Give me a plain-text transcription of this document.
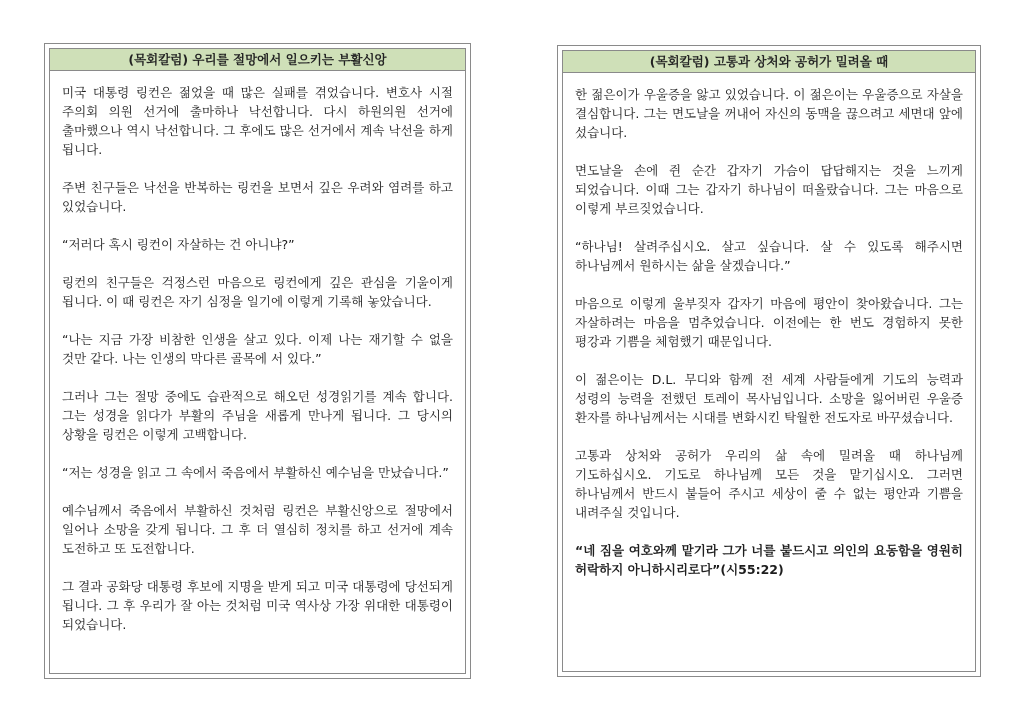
(목회칼럼) 우리를 절망에서 일으키는 부활신앙

미국 대통령 링컨은 젊었을 때 많은 실패를 겪었습니다. 변호사 시절 주의회 의원 선거에 출마하나 낙선합니다. 다시 하원의원 선거에 출마했으나 역시 낙선합니다. 그 후에도 많은 선거에서 계속 낙선을 하게 됩니다.

주변 친구들은 낙선을 반복하는 링컨을 보면서 깊은 우려와 염려를 하고 있었습니다.

“저러다 혹시 링컨이 자살하는 건 아니냐?”

링컨의 친구들은 걱정스런 마음으로 링컨에게 깊은 관심을 기울이게 됩니다. 이 때 링컨은 자기 심정을 일기에 이렇게 기록해 놓았습니다.

“나는 지금 가장 비참한 인생을 살고 있다. 이제 나는 재기할 수 없을 것만 같다. 나는 인생의 막다른 골목에 서 있다.”

그러나 그는 절망 중에도 습관적으로 해오던 성경읽기를 계속 합니다. 그는 성경을 읽다가 부활의 주님을 새롭게 만나게 됩니다. 그 당시의 상황을 링컨은 이렇게 고백합니다.

“저는 성경을 읽고 그 속에서 죽음에서 부활하신 예수님을 만났습니다.”

예수님께서 죽음에서 부활하신 것처럼 링컨은 부활신앙으로 절망에서 일어나 소망을 갖게 됩니다. 그 후 더 열심히 정치를 하고 선거에 계속 도전하고 또 도전합니다.

그 결과 공화당 대통령 후보에 지명을 받게 되고 미국 대통령에 당선되게 됩니다. 그 후 우리가 잘 아는 것처럼 미국 역사상 가장 위대한 대통령이 되었습니다.

(목회칼럼) 고통과 상처와 공허가 밀려올 때

한 젊은이가 우울증을 앓고 있었습니다. 이 젊은이는 우울증으로 자살을 결심합니다. 그는 면도날을 꺼내어 자신의 동맥을 끊으려고 세면대 앞에 섰습니다.

면도날을 손에 쥔 순간 갑자기 가슴이 답답해지는 것을 느끼게 되었습니다. 이때 그는 갑자기 하나님이 떠올랐습니다. 그는 마음으로 이렇게 부르짖었습니다.

“하나님! 살려주십시오. 살고 싶습니다. 살 수 있도록 해주시면 하나님께서 원하시는 삶을 살겠습니다.”

마음으로 이렇게 울부짖자 갑자기 마음에 평안이 찾아왔습니다. 그는 자살하려는 마음을 멈추었습니다. 이전에는 한 번도 경험하지 못한 평강과 기쁨을 체험했기 때문입니다.

이 젊은이는 D.L. 무디와 함께 전 세계 사람들에게 기도의 능력과 성령의 능력을 전했던 토레이 목사님입니다. 소망을 잃어버린 우울증 환자를 하나님께서는 시대를 변화시킨 탁월한 전도자로 바꾸셨습니다.

고통과 상처와 공허가 우리의 삶 속에 밀려올 때 하나님께 기도하십시오. 기도로 하나님께 모든 것을 맡기십시오. 그러면 하나님께서 반드시 붙들어 주시고 세상이 줄 수 없는 평안과 기쁨을 내려주실 것입니다.

“네 짐을 여호와께 맡기라 그가 너를 붙드시고 의인의 요동함을 영원히 허락하지 아니하시리로다”(시55:22)
